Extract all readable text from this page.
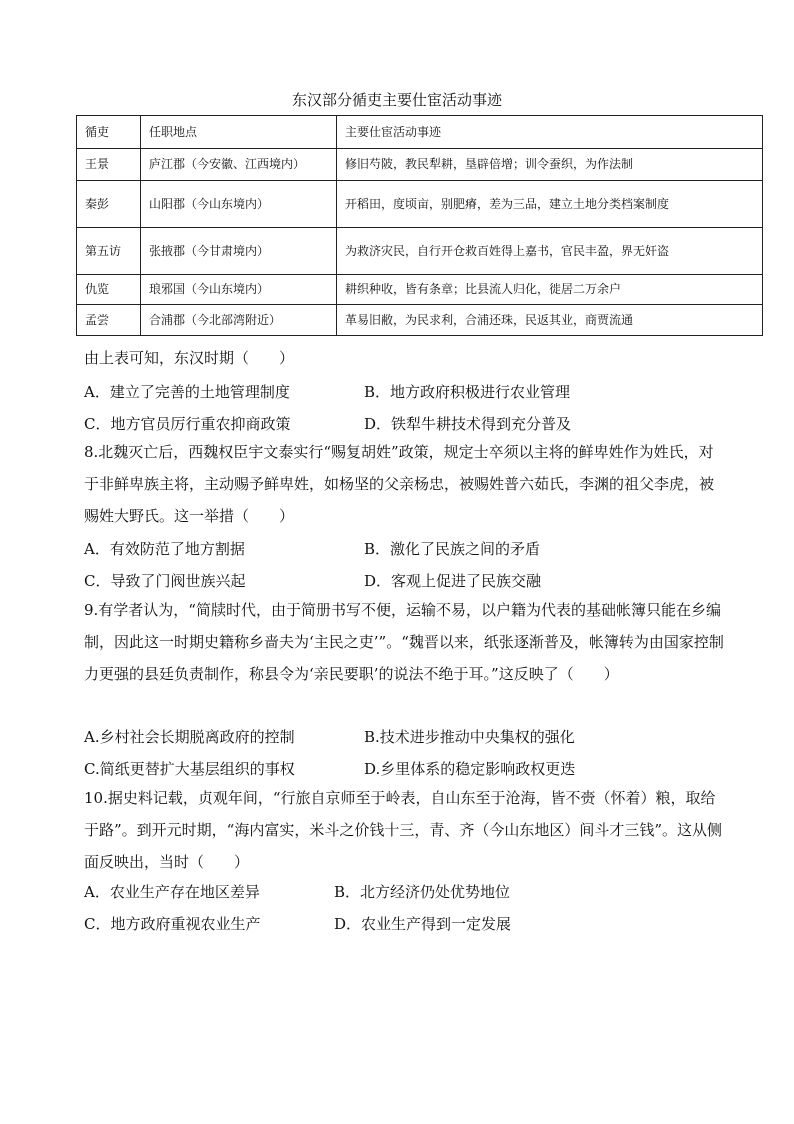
东汉部分循吏主要仕宦活动事迹
循吏	任职地点	主要仕宦活动事迹
王景	庐江郡（今安徽、江西境内）	修旧芍陂，教民犁耕，垦辟倍增；训令蚕织，为作法制
秦彭	山阳郡（今山东境内）	开稻田，度顷亩，别肥瘠，差为三品，建立土地分类档案制度
第五访	张掖郡（今甘肃境内）	为救济灾民，自行开仓救百姓得上嘉书，官民丰盈，界无奸盗
仇览	琅邪国（今山东境内）	耕织种收，皆有条章；比县流人归化，徙居二万余户
孟尝	合浦郡（今北部湾附近）	革易旧敝，为民求利，合浦还珠，民返其业，商贾流通
由上表可知，东汉时期（　　）
A．建立了完善的土地管理制度	B．地方政府积极进行农业管理
C．地方官员厉行重农抑商政策	D．铁犁牛耕技术得到充分普及
8.北魏灭亡后，西魏权臣宇文泰实行“赐复胡姓”政策，规定士卒须以主将的鲜卑姓作为姓氏，对于非鲜卑族主将，主动赐予鲜卑姓，如杨坚的父亲杨忠，被赐姓普六茹氏，李渊的祖父李虎，被赐姓大野氏。这一举措（　　）
A．有效防范了地方割据	B．激化了民族之间的矛盾
C．导致了门阀世族兴起	D．客观上促进了民族交融
9.有学者认为，“简牍时代，由于简册书写不便，运输不易，以户籍为代表的基础帐簿只能在乡编制，因此这一时期史籍称乡啬夫为‘主民之吏’”。“魏晋以来，纸张逐渐普及，帐簿转为由国家控制力更强的县廷负责制作，称县令为‘亲民要职’的说法不绝于耳。”这反映了（　　）
A.乡村社会长期脱离政府的控制	B.技术进步推动中央集权的强化
C.简纸更替扩大基层组织的事权	D.乡里体系的稳定影响政权更迭
10.据史料记载，贞观年间，“行旅自京师至于岭表，自山东至于沧海，皆不赍（怀着）粮，取给于路”。到开元时期，“海内富实，米斗之价钱十三，青、齐（今山东地区）间斗才三钱”。这从侧面反映出，当时（　　）
A．农业生产存在地区差异	B．北方经济仍处优势地位
C．地方政府重视农业生产	D．农业生产得到一定发展
